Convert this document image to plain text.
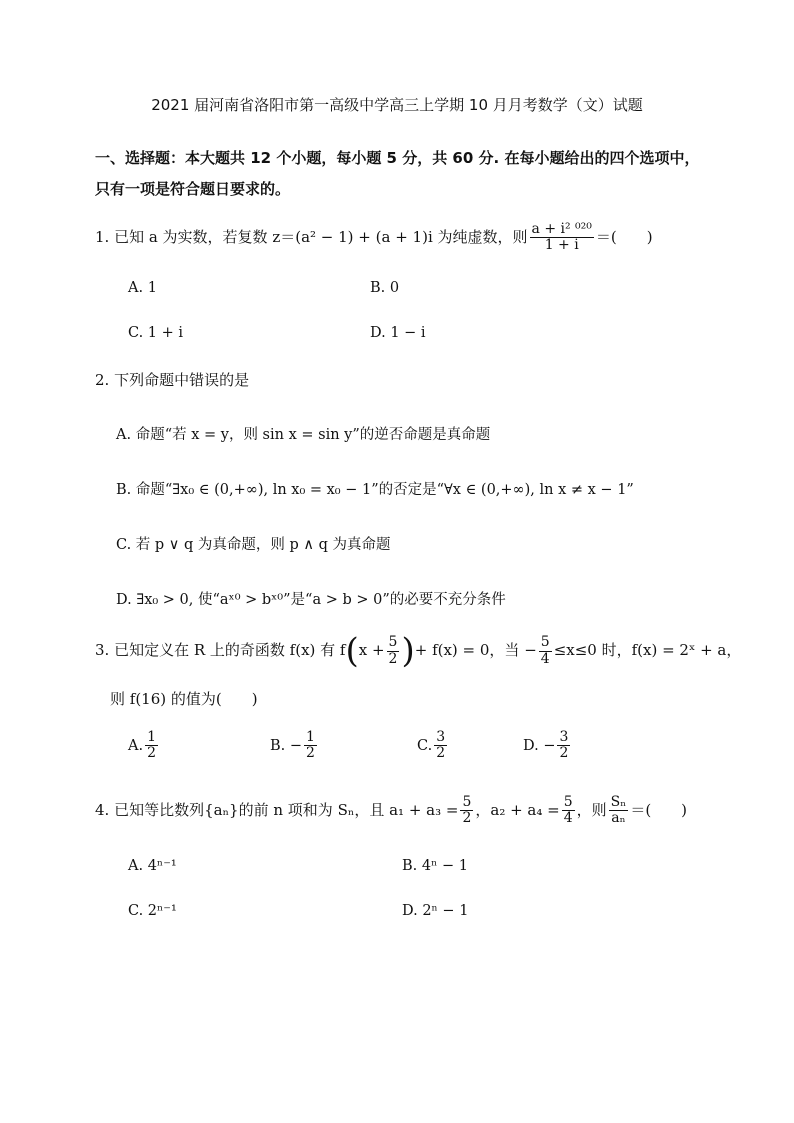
2021 届河南省洛阳市第一高级中学高三上学期 10 月月考数学（文）试题
一、选择题：本大题共 12 个小题，每小题 5 分，共 60 分. 在每小题给出的四个选项中，
只有一项是符合题日要求的。
1. 已知 a 为实数，若复数 z＝(a² − 1) + (a + 1)i 为纯虚数，则 $\frac{\text{a + i² ⁰²⁰}}{1 + i}$ ＝(　　)
A. 1	B. 0
C. 1 + i	D. 1 − i
2. 下列命题中错误的是
A. 命题“若 x = y，则 sin x = sin y”的逆否命题是真命题
B. 命题“∃x₀ ∈ (0,+∞), ln x₀ = x₀ − 1”的否定是“∀x ∈ (0,+∞), ln x ≠ x − 1”
C. 若 p ∨ q 为真命题，则 p ∧ q 为真命题
D. ∃x₀ > 0, 使“aˣ⁰ > bˣ⁰”是“a > b > 0”的必要不充分条件
3. 已知定义在 R 上的奇函数 f(x) 有 $f(x + \frac{5}{2}$ )+ f(x) = 0，当 − $\frac{5}{4} \le x\le 0$ 时，f(x) = 2ˣ + a，
则 f(16) 的值为(　　)
A. $\frac{1}{2}$	B. − $\frac{1}{2}$	C. $\frac{3}{2}$	D. − $\frac{3}{2}$
4. 已知等比数列{aₙ}的前 n 项和为 Sₙ，且 $a_1 + a_3 = \frac{5}{2}$ ，$a_2 + a_4 = \frac{5}{4}$ ，则 $\frac{\text{Sₙ}}{\text{aₙ}}$ ＝(　　)
A. 4ⁿ⁻¹	B. 4ⁿ − 1
C. 2ⁿ⁻¹	D. 2ⁿ − 1
